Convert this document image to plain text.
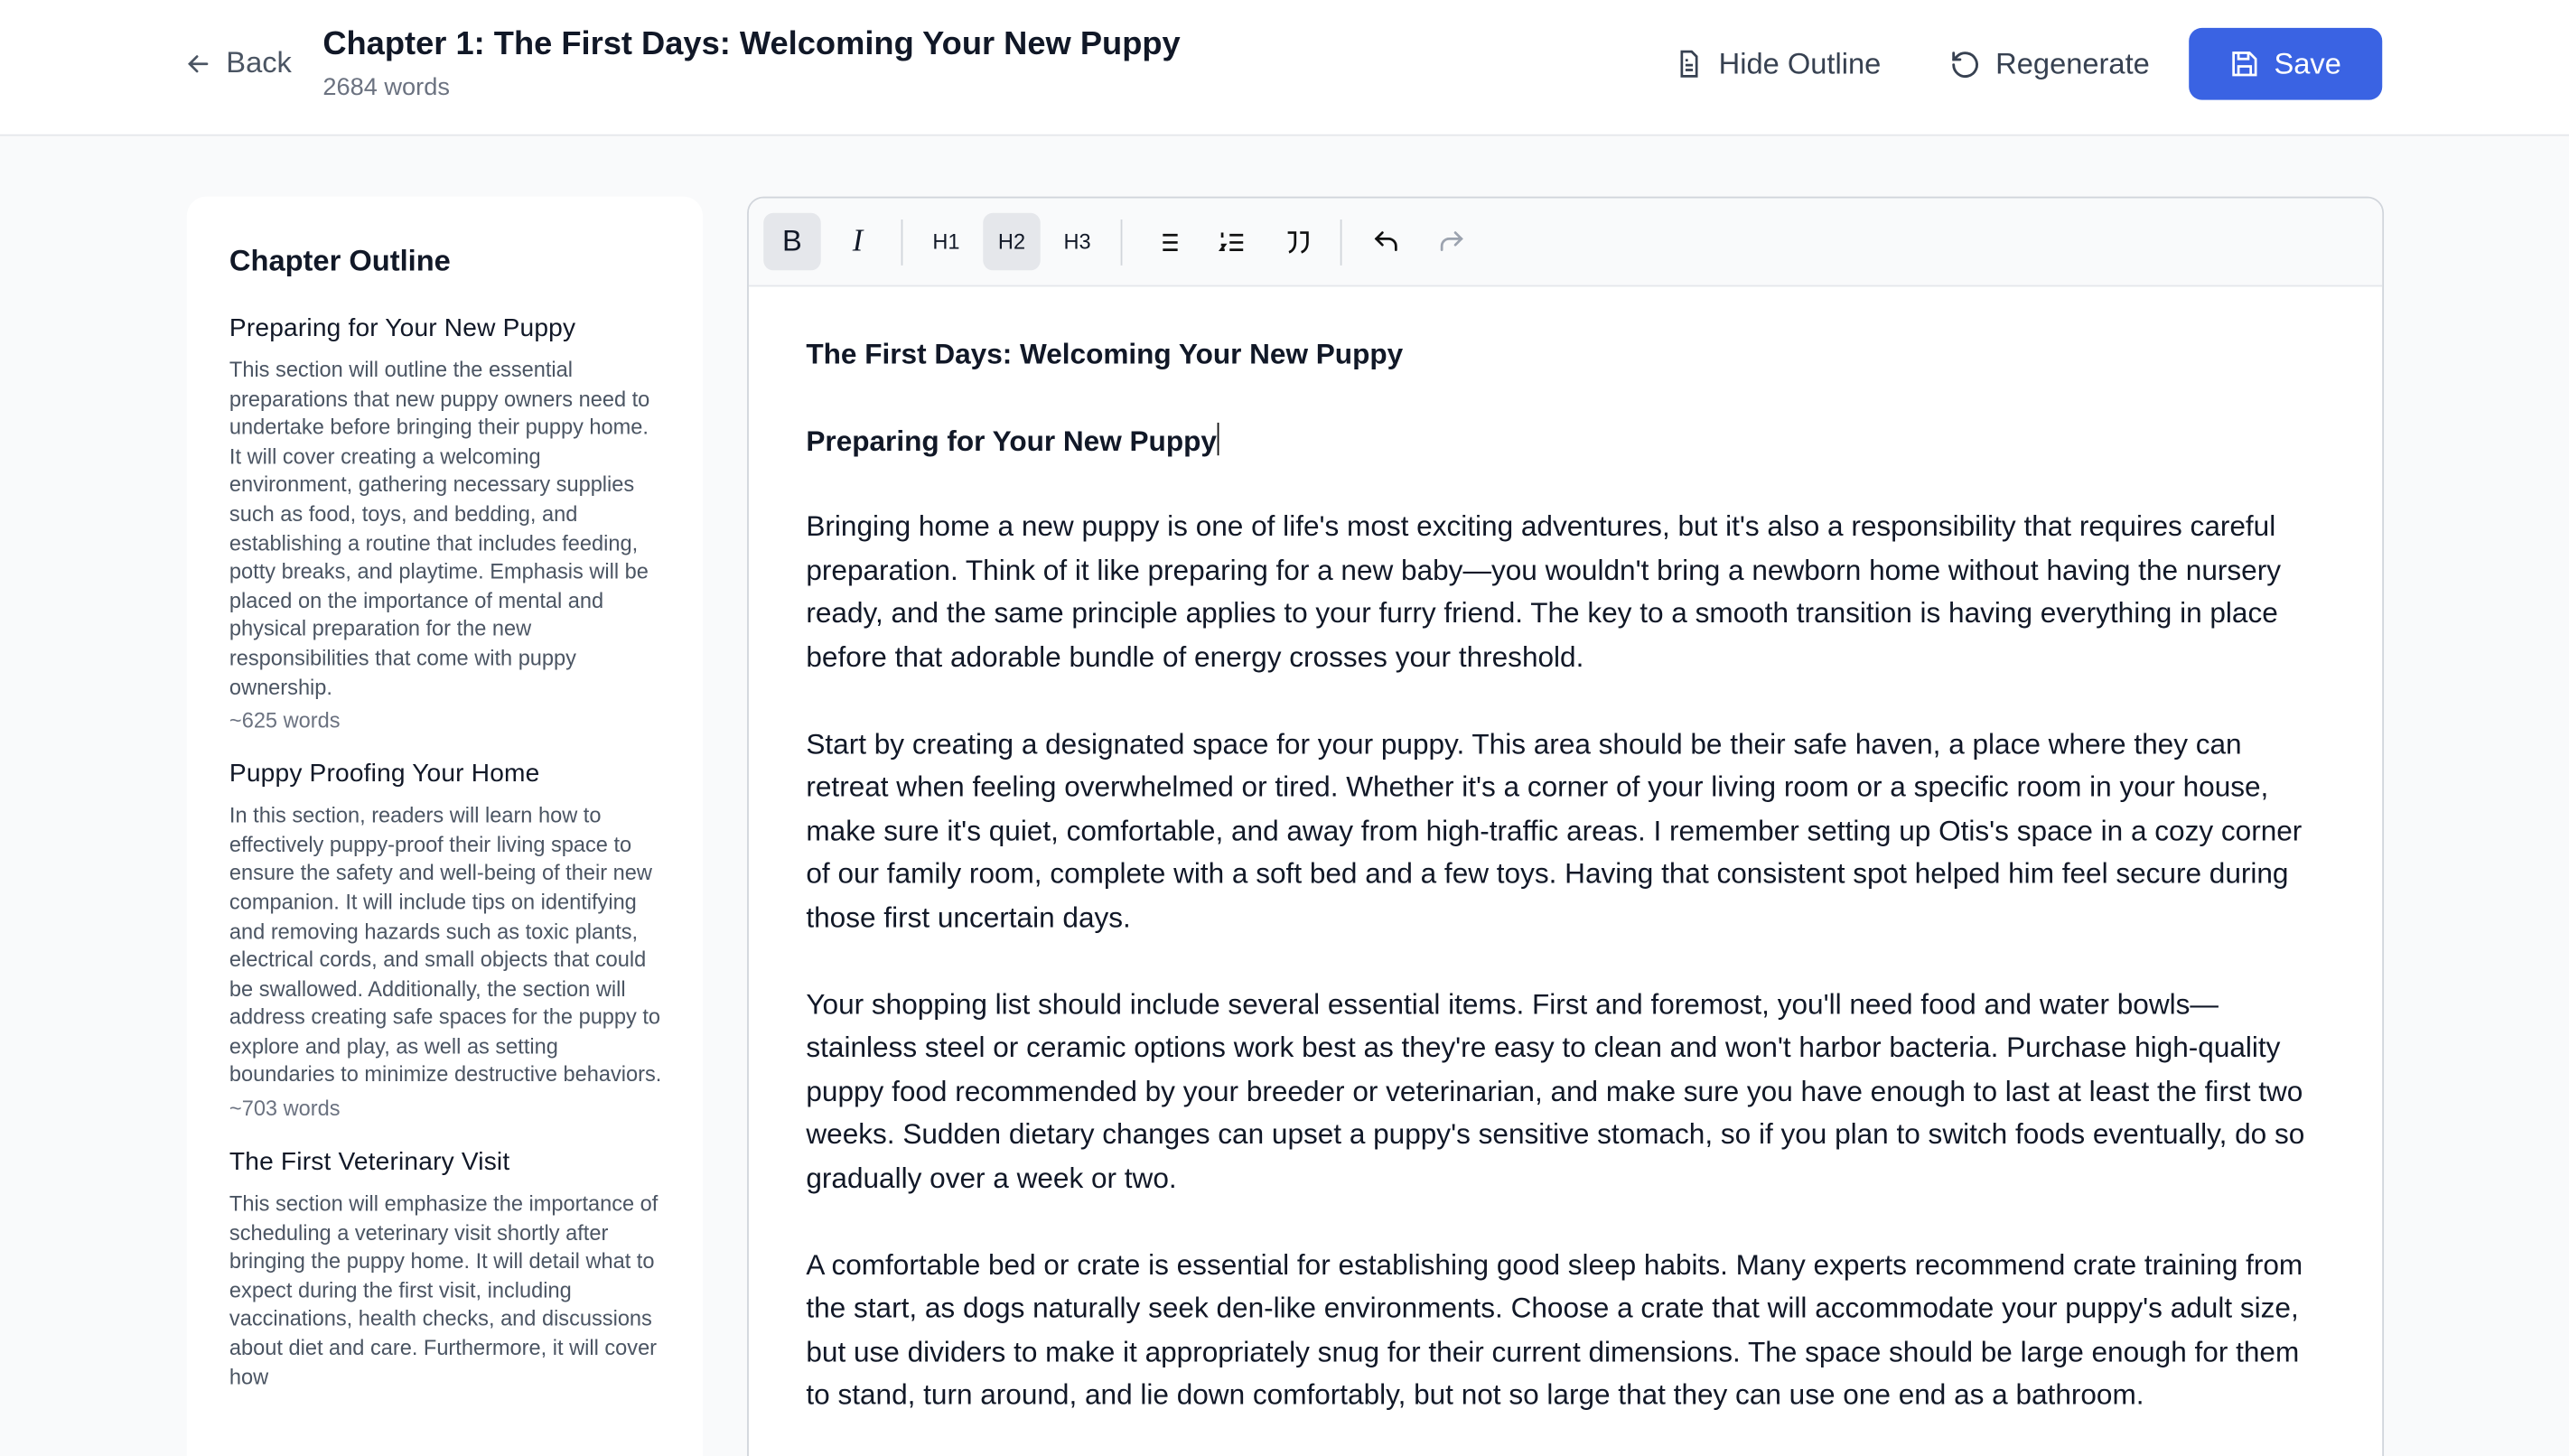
Back Chapter 1: The First Days: Welcoming Your New Puppy
2684 words
Hide Outline	Regenerate	Save
Chapter Outline
Preparing for Your New Puppy

This section will outline the essential preparations that new puppy owners need to undertake before bringing their puppy home. It will cover creating a welcoming environment, gathering necessary supplies such as food, toys, and bedding, and establishing a routine that includes feeding, potty breaks, and playtime. Emphasis will be placed on the importance of mental and physical preparation for the new responsibilities that come with puppy ownership.

~625 words
Puppy Proofing Your Home

In this section, readers will learn how to effectively puppy-proof their living space to ensure the safety and well-being of their new companion. It will include tips on identifying and removing hazards such as toxic plants, electrical cords, and small objects that could be swallowed. Additionally, the section will address creating safe spaces for the puppy to explore and play, as well as setting boundaries to minimize destructive behaviors.

~703 words
The First Veterinary Visit

This section will emphasize the importance of scheduling a veterinary visit shortly after bringing the puppy home. It will detail what to expect during the first visit, including vaccinations, health checks, and discussions about diet and care. Furthermore, it will cover how

B	I	H1	H2	H3
The First Days: Welcoming Your New Puppy
Preparing for Your New Puppy

Bringing home a new puppy is one of life's most exciting adventures, but it's also a responsibility that requires careful preparation. Think of it like preparing for a new baby—you wouldn't bring a newborn home without having the nursery ready, and the same principle applies to your furry friend. The key to a smooth transition is having everything in place before that adorable bundle of energy crosses your threshold.

Start by creating a designated space for your puppy. This area should be their safe haven, a place where they can retreat when feeling overwhelmed or tired. Whether it's a corner of your living room or a specific room in your house, make sure it's quiet, comfortable, and away from high-traffic areas. I remember setting up Otis's space in a cozy corner of our family room, complete with a soft bed and a few toys. Having that consistent spot helped him feel secure during those first uncertain days.

Your shopping list should include several essential items. First and foremost, you'll need food and water bowls—stainless steel or ceramic options work best as they're easy to clean and won't harbor bacteria. Purchase high-quality puppy food recommended by your breeder or veterinarian, and make sure you have enough to last at least the first two weeks. Sudden dietary changes can upset a puppy's sensitive stomach, so if you plan to switch foods eventually, do so gradually over a week or two.

A comfortable bed or crate is essential for establishing good sleep habits. Many experts recommend crate training from the start, as dogs naturally seek den-like environments. Choose a crate that will accommodate your puppy's adult size, but use dividers to make it appropriately snug for their current dimensions. The space should be large enough for them to stand, turn around, and lie down comfortably, but not so large that they can use one end as a bathroom.
